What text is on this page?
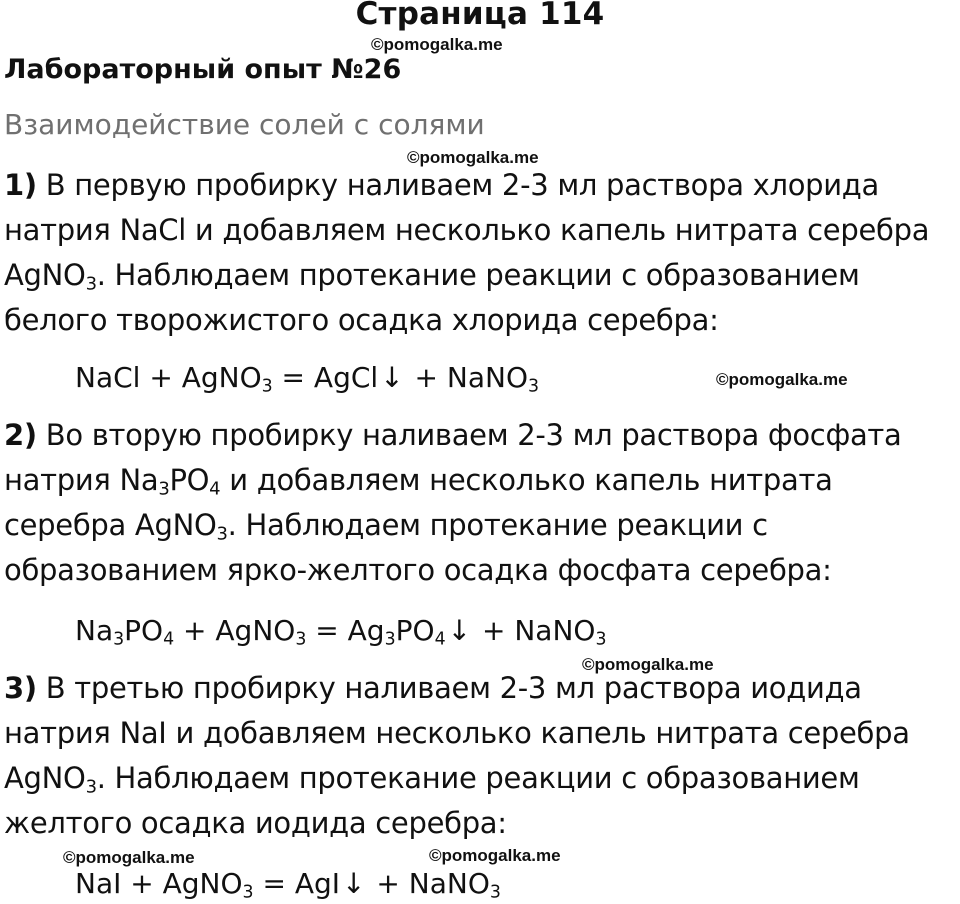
Страница 114
©pomogalka.me
Лабораторный опыт №26
Взаимодействие солей с солями
©pomogalka.me
1) В первую пробирку наливаем 2-3 мл раствора хлорида
натрия NaCl и добавляем несколько капель нитрата серебра
AgNO$_3$. Наблюдаем протекание реакции с образованием
белого творожистого осадка хлорида серебра:
NaCl + AgNO$_3$ = AgCl↓ + NaNO$_3$	©pomogalka.me
2) Во вторую пробирку наливаем 2-3 мл раствора фосфата
натрия $Na_3PO_4$ и добавляем несколько капель нитрата
серебра AgNO$_3$. Наблюдаем протекание реакции с
образованием ярко-желтого осадка фосфата серебра:
$Na_3PO_4$ + AgNO$_3$ = $Ag_3PO_4↓$ + NaNO$_3$
©pomogalka.me
3) В третью пробирку наливаем 2-3 мл раствора иодида
натрия NaI и добавляем несколько капель нитрата серебра
AgNO$_3$. Наблюдаем протекание реакции с образованием
желтого осадка иодида серебра:
©pomogalka.me	©pomogalka.me
NaI + AgNO$_3$ = AgI↓ + NaNO$_3$
